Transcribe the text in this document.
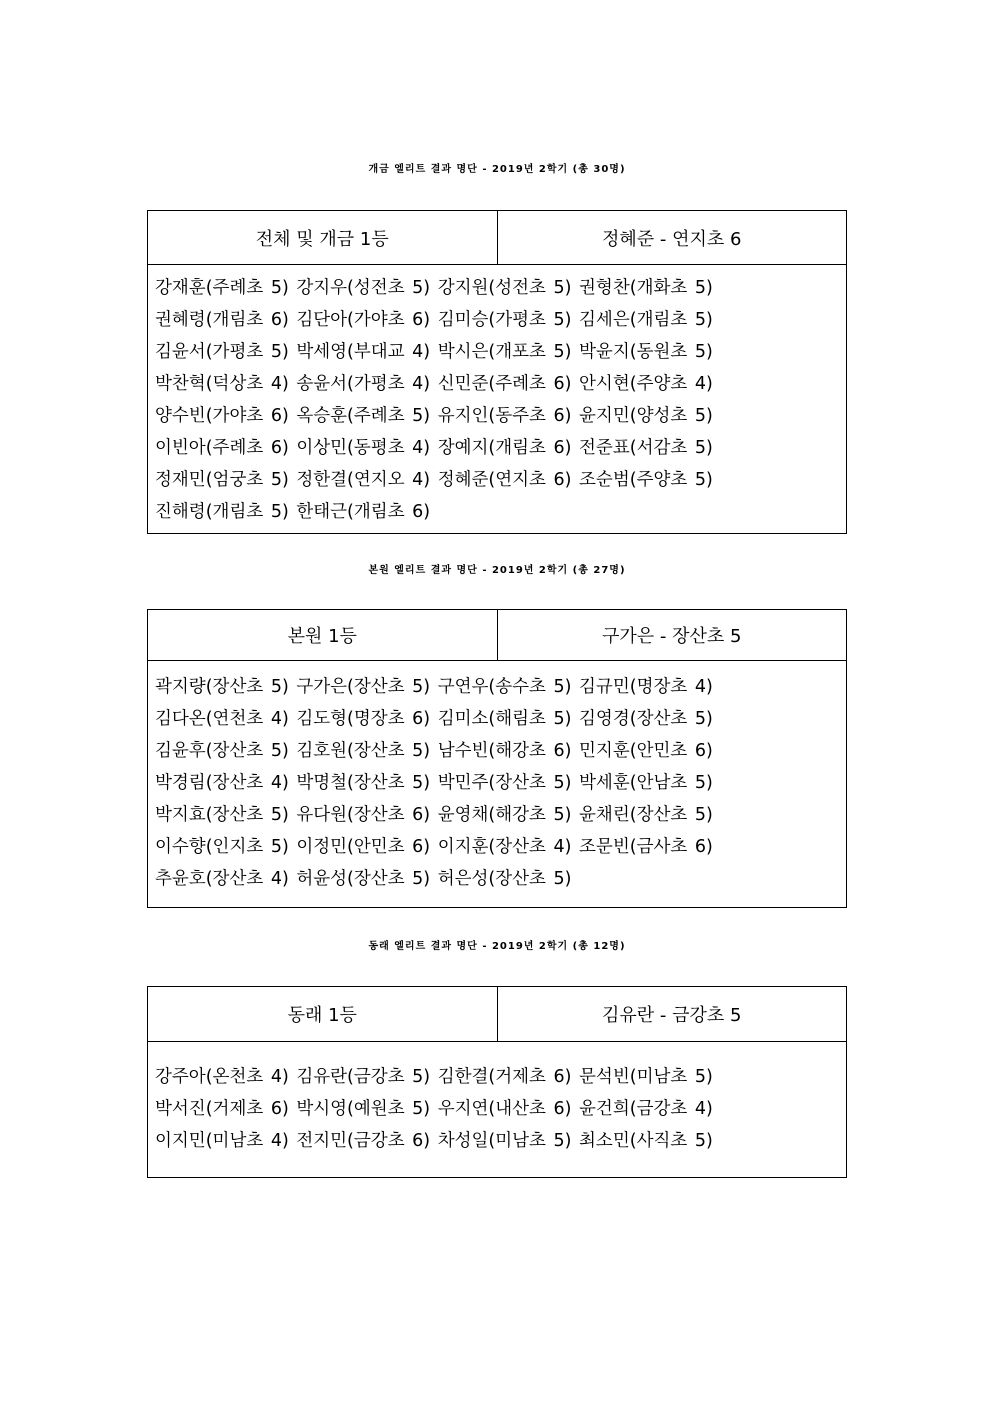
개금 엘리트 결과 명단 - 2019년 2학기 (총 30명)
전체 및 개금 1등	정혜준 - 연지초 6
강재훈(주례초 5) 강지우(성전초 5) 강지원(성전초 5) 권형찬(개화초 5)
권혜령(개림초 6) 김단아(가야초 6) 김미승(가평초 5) 김세은(개림초 5)
김윤서(가평초 5) 박세영(부대교 4) 박시은(개포초 5) 박윤지(동원초 5)
박찬혁(덕상초 4) 송윤서(가평초 4) 신민준(주례초 6) 안시현(주양초 4)
양수빈(가야초 6) 옥승훈(주례초 5) 유지인(동주초 6) 윤지민(양성초 5)
이빈아(주례초 6) 이상민(동평초 4) 장예지(개림초 6) 전준표(서감초 5)
정재민(엄궁초 5) 정한결(연지오 4) 정혜준(연지초 6) 조순범(주양초 5)
진해령(개림초 5) 한태근(개림초 6)
본원 엘리트 결과 명단 - 2019년 2학기 (총 27명)
본원 1등	구가은 - 장산초 5
곽지량(장산초 5) 구가은(장산초 5) 구연우(송수초 5) 김규민(명장초 4)
김다온(연천초 4) 김도형(명장초 6) 김미소(해림초 5) 김영경(장산초 5)
김윤후(장산초 5) 김호원(장산초 5) 남수빈(해강초 6) 민지훈(안민초 6)
박경림(장산초 4) 박명철(장산초 5) 박민주(장산초 5) 박세훈(안남초 5)
박지효(장산초 5) 유다원(장산초 6) 윤영채(해강초 5) 윤채린(장산초 5)
이수향(인지초 5) 이정민(안민초 6) 이지훈(장산초 4) 조문빈(금사초 6)
추윤호(장산초 4) 허윤성(장산초 5) 허은성(장산초 5)
동래 엘리트 결과 명단 - 2019년 2학기 (총 12명)
동래 1등	김유란 - 금강초 5
강주아(온천초 4) 김유란(금강초 5) 김한결(거제초 6) 문석빈(미남초 5)
박서진(거제초 6) 박시영(예원초 5) 우지연(내산초 6) 윤건희(금강초 4)
이지민(미남초 4) 전지민(금강초 6) 차성일(미남초 5) 최소민(사직초 5)
